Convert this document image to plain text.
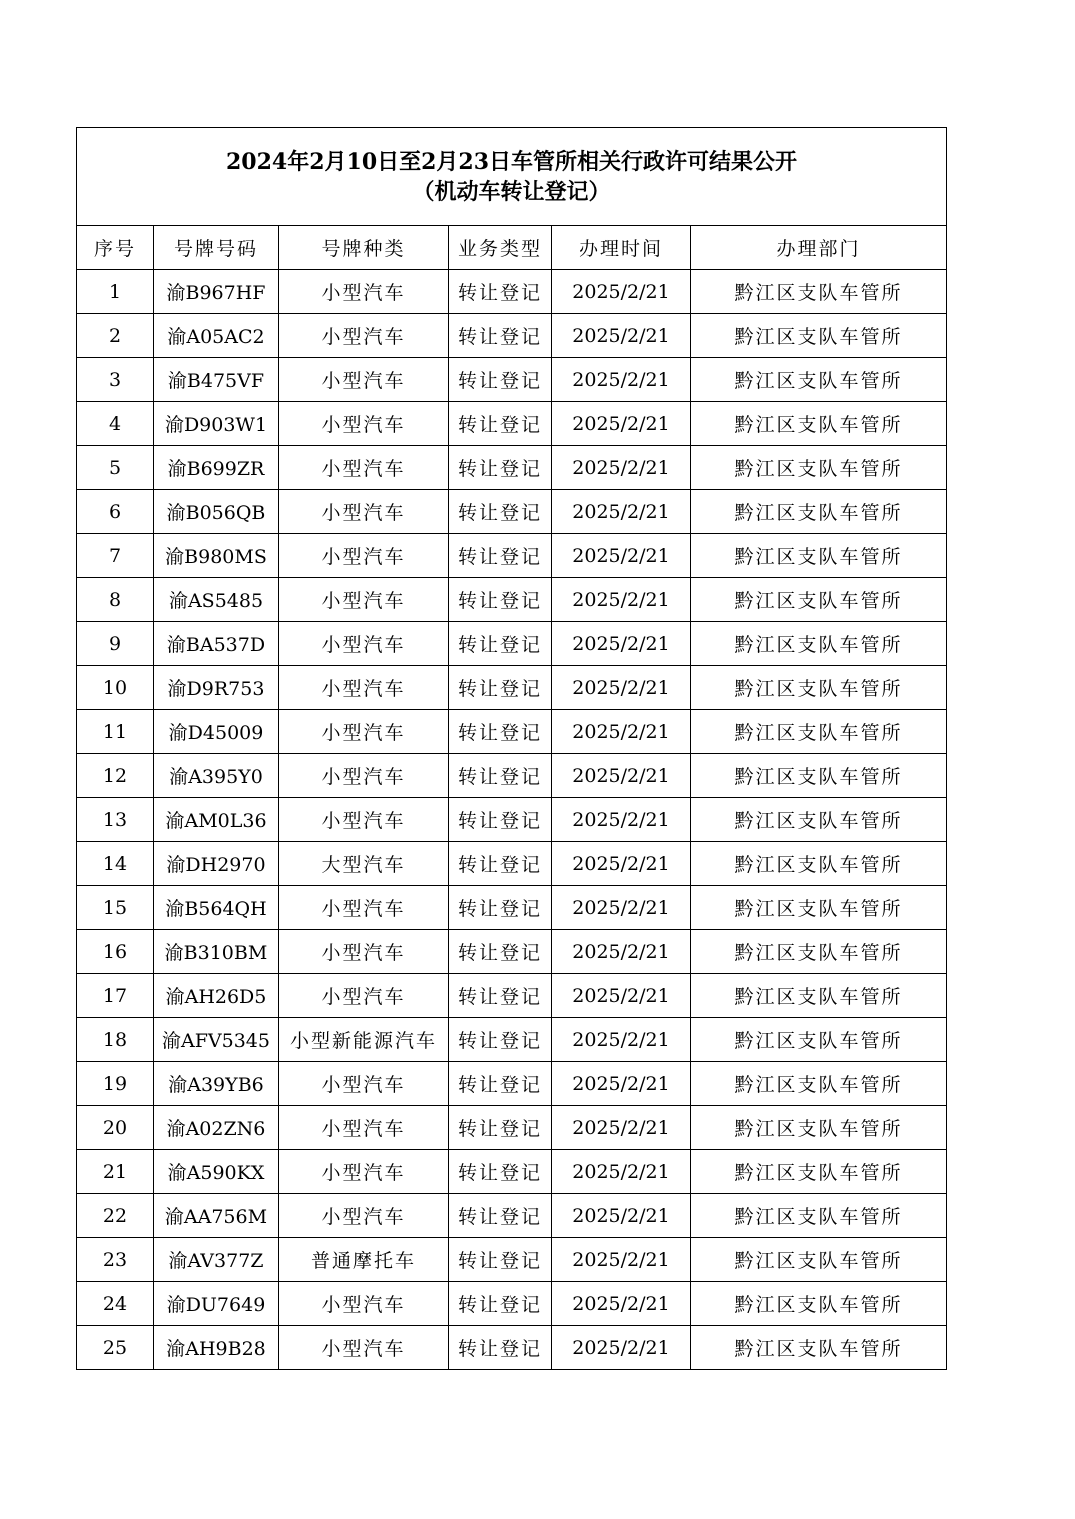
2024年2月10日至2月23日车管所相关行政许可结果公开
（机动车转让登记）					

序号	号牌号码	号牌种类	业务类型	办理时间	办理部门
1	渝B967HF	小型汽车	转让登记	2025/2/21	黔江区支队车管所
2	渝A05AC2	小型汽车	转让登记	2025/2/21	黔江区支队车管所
3	渝B475VF	小型汽车	转让登记	2025/2/21	黔江区支队车管所
4	渝D903W1	小型汽车	转让登记	2025/2/21	黔江区支队车管所
5	渝B699ZR	小型汽车	转让登记	2025/2/21	黔江区支队车管所
6	渝B056QB	小型汽车	转让登记	2025/2/21	黔江区支队车管所
7	渝B980MS	小型汽车	转让登记	2025/2/21	黔江区支队车管所
8	渝AS5485	小型汽车	转让登记	2025/2/21	黔江区支队车管所
9	渝BA537D	小型汽车	转让登记	2025/2/21	黔江区支队车管所
10	渝D9R753	小型汽车	转让登记	2025/2/21	黔江区支队车管所
11	渝D45009	小型汽车	转让登记	2025/2/21	黔江区支队车管所
12	渝A395Y0	小型汽车	转让登记	2025/2/21	黔江区支队车管所
13	渝AM0L36	小型汽车	转让登记	2025/2/21	黔江区支队车管所
14	渝DH2970	大型汽车	转让登记	2025/2/21	黔江区支队车管所
15	渝B564QH	小型汽车	转让登记	2025/2/21	黔江区支队车管所
16	渝B310BM	小型汽车	转让登记	2025/2/21	黔江区支队车管所
17	渝AH26D5	小型汽车	转让登记	2025/2/21	黔江区支队车管所
18	渝AFV5345	小型新能源汽车	转让登记	2025/2/21	黔江区支队车管所
19	渝A39YB6	小型汽车	转让登记	2025/2/21	黔江区支队车管所
20	渝A02ZN6	小型汽车	转让登记	2025/2/21	黔江区支队车管所
21	渝A590KX	小型汽车	转让登记	2025/2/21	黔江区支队车管所
22	渝AA756M	小型汽车	转让登记	2025/2/21	黔江区支队车管所
23	渝AV377Z	普通摩托车	转让登记	2025/2/21	黔江区支队车管所
24	渝DU7649	小型汽车	转让登记	2025/2/21	黔江区支队车管所
25	渝AH9B28	小型汽车	转让登记	2025/2/21	黔江区支队车管所
